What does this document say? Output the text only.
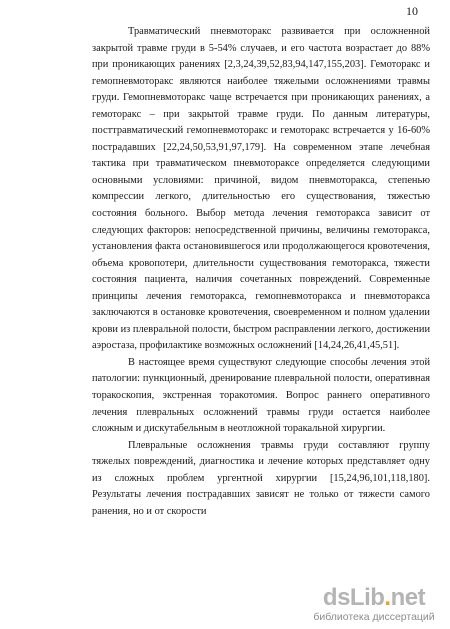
10

Травматический пневмоторакс развивается при осложненной закрытой травме груди в 5-54% случаев, и его частота возрастает до 88% при проникающих ранениях [2,3,24,39,52,83,94,147,155,203]. Гемоторакс и гемопневмоторакс являются наиболее тяжелыми осложнениями травмы груди. Гемопневмоторакс чаще встречается при проникающих ранениях, а гемоторакс – при закрытой травме груди. По данным литературы, посттравматический гемопневмоторакс и гемоторакс встречается у 16-60% пострадавших [22,24,50,53,91,97,179]. На современном этапе лечебная тактика при травматическом пневмотораксе определяется следующими основными условиями: причиной, видом пневмоторакса, степенью компрессии легкого, длительностью его существования, тяжестью состояния больного. Выбор метода лечения гемоторакса зависит от следующих факторов: непосредственной причины, величины гемоторакса, установления факта остановившегося или продолжающегося кровотечения, объема кровопотери, длительности существования гемоторакса, тяжести состояния пациента, наличия сочетанных повреждений. Современные принципы лечения гемоторакса, гемопневмоторакса и пневмоторакса заключаются в остановке кровотечения, своевременном и полном удалении крови из плевральной полости, быстром расправлении легкого, достижении аэростаза, профилактике возможных осложнений [14,24,26,41,45,51].

В настоящее время существуют следующие способы лечения этой патологии: пункционный, дренирование плевральной полости, оперативная торакоскопия, экстренная торакотомия. Вопрос раннего оперативного лечения плевральных осложнений травмы груди остается наиболее сложным и дискутабельным в неотложной торакальной хирургии.

Плевральные осложнения травмы груди составляют группу тяжелых повреждений, диагностика и лечение которых представляет одну из сложных проблем ургентной хирургии [15,24,96,101,118,180]. Результаты лечения пострадавших зависят не только от тяжести самого ранения, но и от скорости

dsLib.net
библиотека диссертаций
